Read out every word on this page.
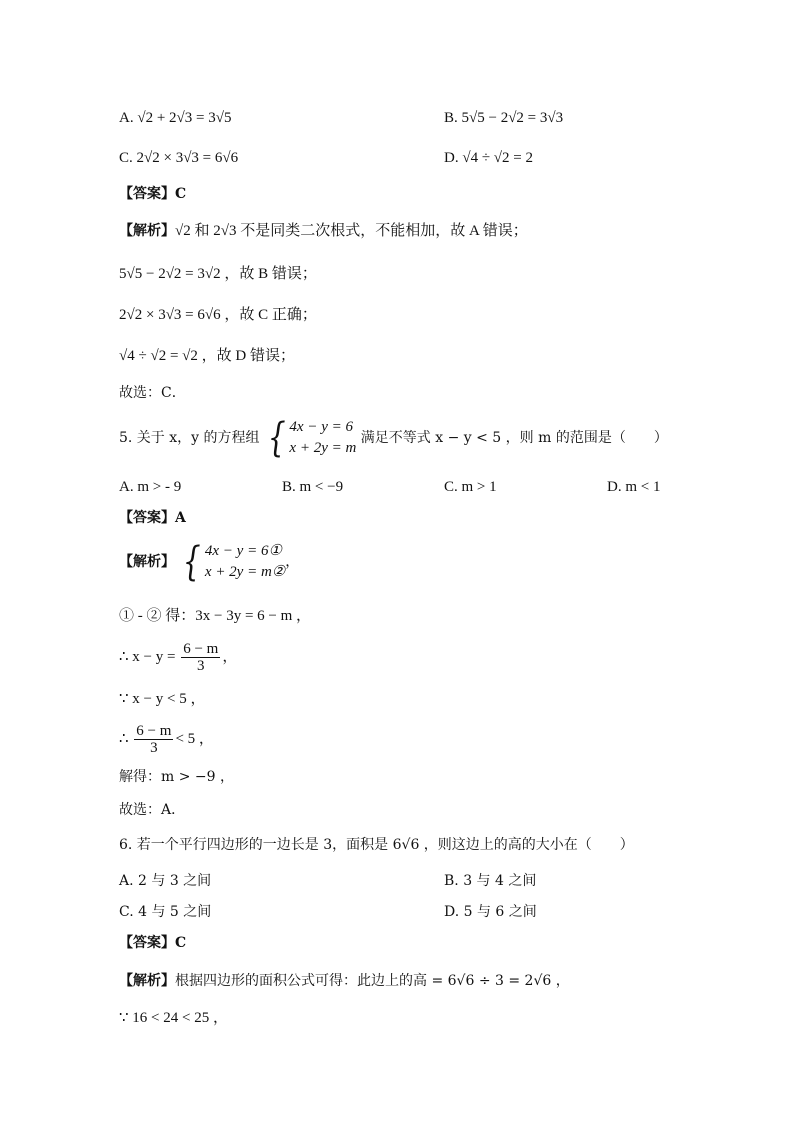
A. √2 + 2√3 = 3√5	B. 5√5 − 2√2 = 3√3
C. 2√2 × 3√3 = 6√6	D. √4 ÷ √2 = 2
【答案】C
【解析】√2 和 2√3 不是同类二次根式，不能相加，故 A 错误；
5√5 − 2√2 = 3√2 ，故 B 错误；
2√2 × 3√3 = 6√6 ，故 C 正确；
√4 ÷ √2 = √2 ，故 D 错误；
故选：C．
5. 关于 x，y 的方程组 { 4x − y = 6
x + 2y = m
满足不等式 x − y < 5 ，则 m 的范围是（　　）
A. m > - 9	B. m < −9	C. m > 1	D. m < 1
【答案】A
【解析】 { 4x − y = 6①
x + 2y = m②
，
① - ② 得：3x − 3y = 6 − m ，
∴ $x - y = \frac{6 - m}{3}$ ，
∵ x − y < 5 ，
∴ $\frac{6 - m}{3} < 5$ ，
解得：m > −9 ，
故选：A．
6. 若一个平行四边形的一边长是 3，面积是 6√6 ，则这边上的高的大小在（　　）
A. 2 与 3 之间	B. 3 与 4 之间
C. 4 与 5 之间	D. 5 与 6 之间
【答案】C
【解析】根据四边形的面积公式可得：此边上的高 = 6√6 ÷ 3 = 2√6 ，
∵ 16 < 24 < 25 ，
